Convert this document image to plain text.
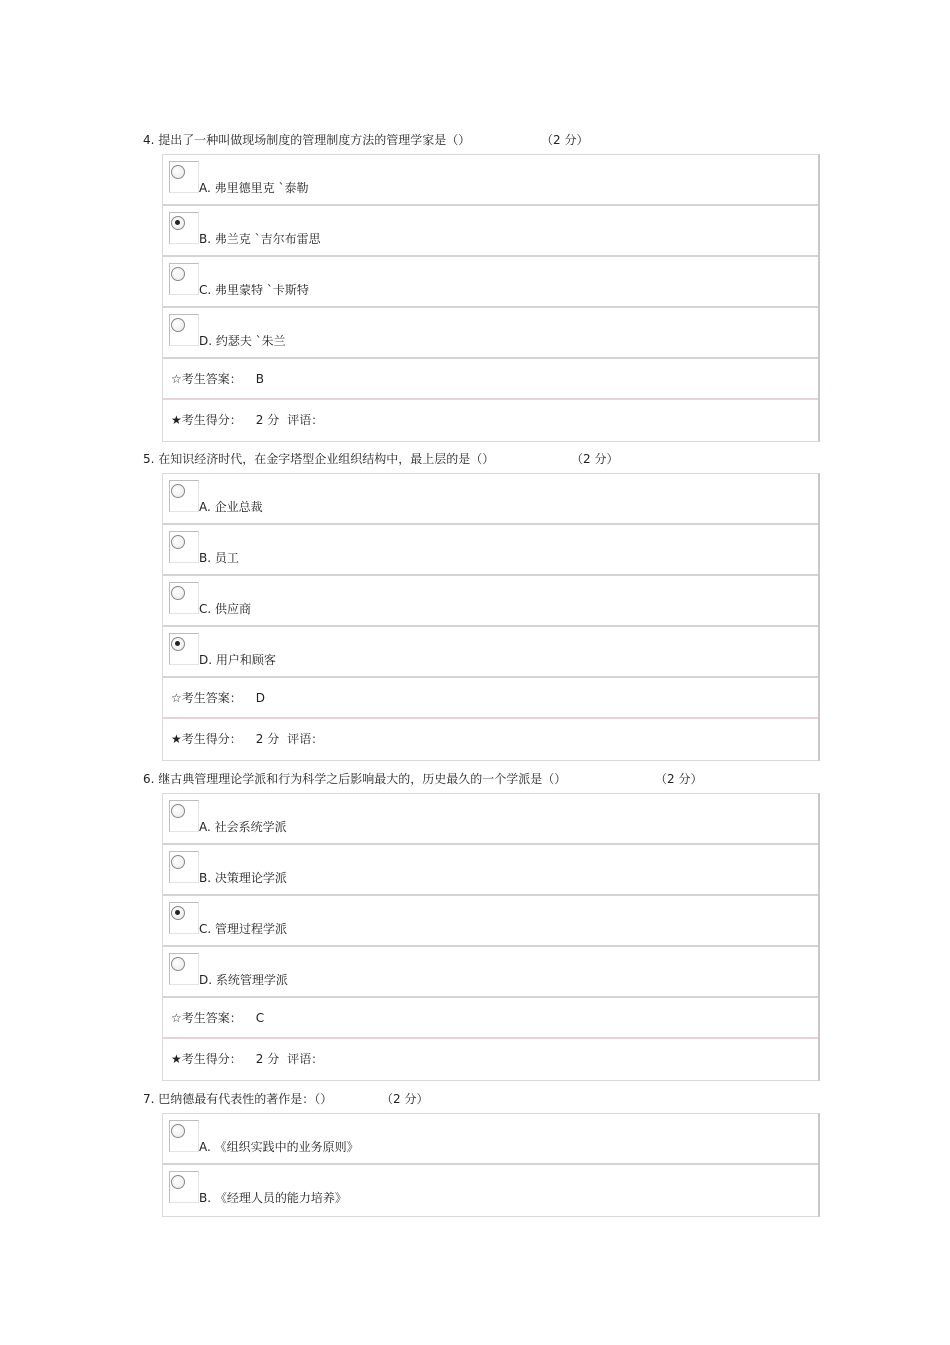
4. 提出了一种叫做现场制度的管理制度方法的管理学家是（）	（2 分）
A. 弗里德里克 `泰勒
B. 弗兰克 `吉尔布雷思
C. 弗里蒙特 `卡斯特
D. 约瑟夫 `朱兰
☆考生答案： B
★考生得分： 2 分 评语：
5. 在知识经济时代，在金字塔型企业组织结构中，最上层的是（）	（2 分）
A. 企业总裁
B. 员工
C. 供应商
D. 用户和顾客
☆考生答案： D
★考生得分： 2 分 评语：
6. 继古典管理理论学派和行为科学之后影响最大的，历史最久的一个学派是（）	（2 分）
A. 社会系统学派
B. 决策理论学派
C. 管理过程学派
D. 系统管理学派
☆考生答案： C
★考生得分： 2 分 评语：
7. 巴纳德最有代表性的著作是：（）	（2 分）
A. 《组织实践中的业务原则》
B. 《经理人员的能力培养》
